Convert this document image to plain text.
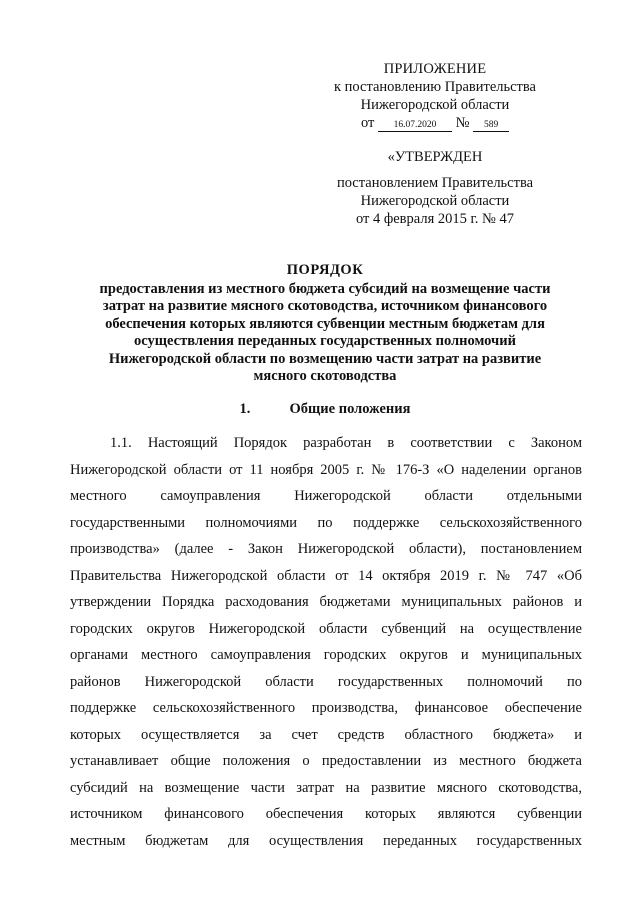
ПРИЛОЖЕНИЕ
к постановлению Правительства
Нижегородской области
от 16.07.2020 № 589
«УТВЕРЖДЕН
постановлением Правительства
Нижегородской области
от 4 февраля 2015 г. № 47
ПОРЯДОК
предоставления из местного бюджета субсидий на возмещение части
затрат на развитие мясного скотоводства, источником финансового
обеспечения которых являются субвенции местным бюджетам для
осуществления переданных государственных полномочий
Нижегородской области по возмещению части затрат на развитие
мясного скотоводства
1.	Общие положения
1.1. Настоящий Порядок разработан в соответствии с Законом
Нижегородской области от 11 ноября 2005 г. № 176-З «О наделении органов
местного самоуправления Нижегородской области отдельными
государственными полномочиями по поддержке сельскохозяйственного
производства» (далее - Закон Нижегородской области), постановлением
Правительства Нижегородской области от 14 октября 2019 г. № 747 «Об
утверждении Порядка расходования бюджетами муниципальных районов и
городских округов Нижегородской области субвенций на осуществление
органами местного самоуправления городских округов и муниципальных
районов Нижегородской области государственных полномочий по
поддержке сельскохозяйственного производства, финансовое обеспечение
которых осуществляется за счет средств областного бюджета» и
устанавливает общие положения о предоставлении из местного бюджета
субсидий на возмещение части затрат на развитие мясного скотоводства,
источником финансового обеспечения которых являются субвенции
местным бюджетам для осуществления переданных государственных
